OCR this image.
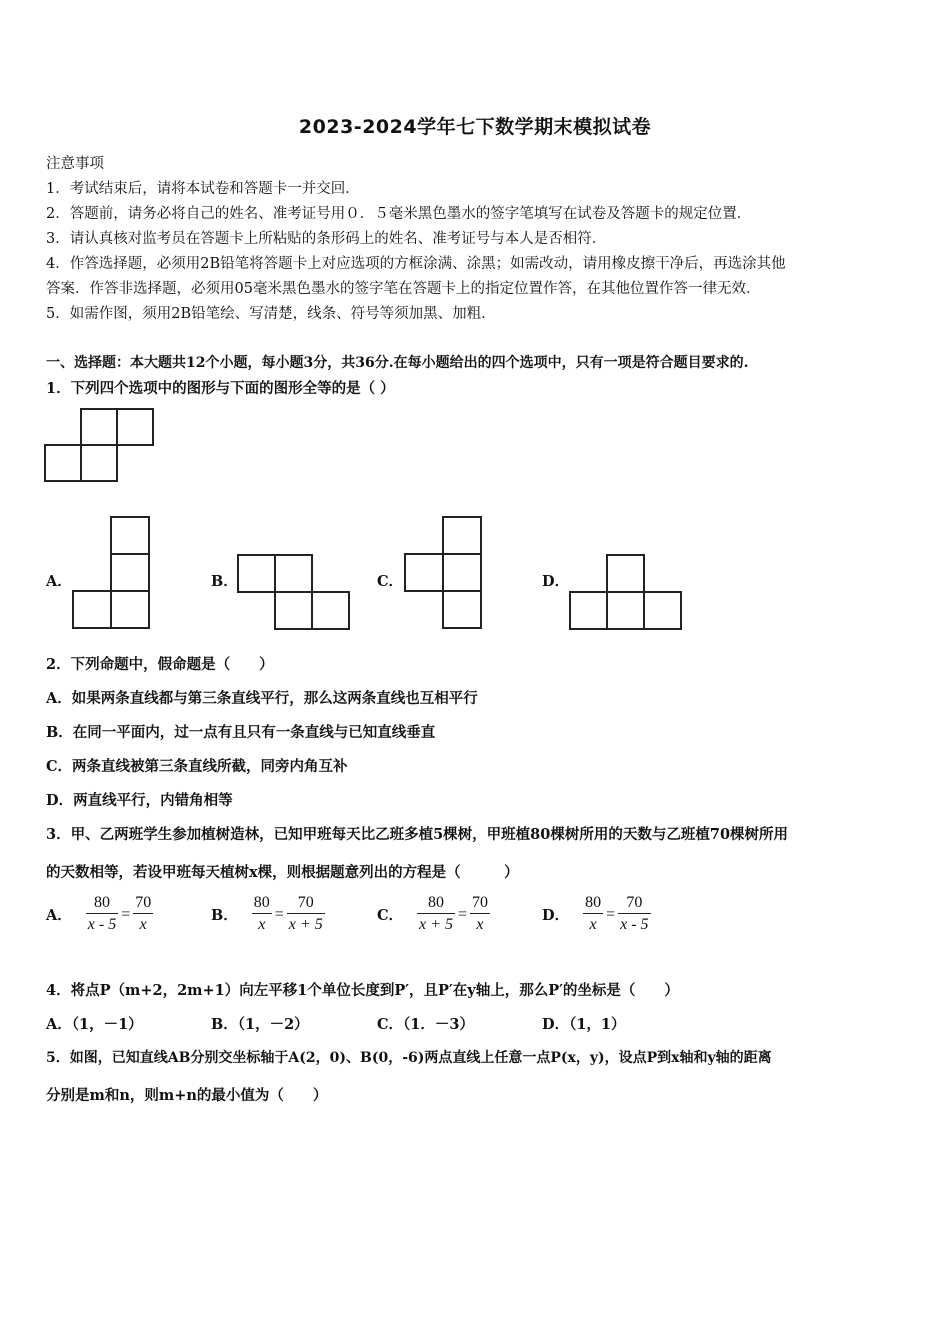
2023-2024学年七下数学期末模拟试卷
注意事项
1．考试结束后，请将本试卷和答题卡一并交回．
2．答题前，请务必将自己的姓名、准考证号用０．５毫米黑色墨水的签字笔填写在试卷及答题卡的规定位置．
3．请认真核对监考员在答题卡上所粘贴的条形码上的姓名、准考证号与本人是否相符．
4．作答选择题，必须用2B铅笔将答题卡上对应选项的方框涂满、涂黑；如需改动，请用橡皮擦干净后，再选涂其他
答案．作答非选择题，必须用05毫米黑色墨水的签字笔在答题卡上的指定位置作答，在其他位置作答一律无效．
5．如需作图，须用2B铅笔绘、写清楚，线条、符号等须加黑、加粗．
一、选择题：本大题共12个小题，每小题3分，共36分.在每小题给出的四个选项中，只有一项是符合题目要求的.
1．下列四个选项中的图形与下面的图形全等的是（ ）
A．	B．	C．	D．
2．下列命题中，假命题是（　　）
A．如果两条直线都与第三条直线平行，那么这两条直线也互相平行
B．在同一平面内，过一点有且只有一条直线与已知直线垂直
C．两条直线被第三条直线所截，同旁内角互补
D．两直线平行，内错角相等
3．甲、乙两班学生参加植树造林，已知甲班每天比乙班多植5棵树，甲班植80棵树所用的天数与乙班植70棵树所用
的天数相等，若设甲班每天植树x棵，则根据题意列出的方程是（　　　）
A． $\frac{80}{x - 5} = \frac{70}{x}$	B． $\frac{80}{x} = \frac{70}{x + 5}$	C． $\frac{80}{x + 5} = \frac{70}{x}$	D． $\frac{80}{x} = \frac{70}{x - 5}$
4．将点P（m+2，2m+1）向左平移1个单位长度到P′，且P′在y轴上，那么P′的坐标是（　　）
A．（1，－1）	B．（1，－2）	C．（1．－3）	D．（1，1）
5．如图，已知直线AB分别交坐标轴于A(2，0)、B(0，-6)两点直线上任意一点P(x，y)，设点P到x轴和y轴的距离
分别是m和n，则m+n的最小值为（　　）
